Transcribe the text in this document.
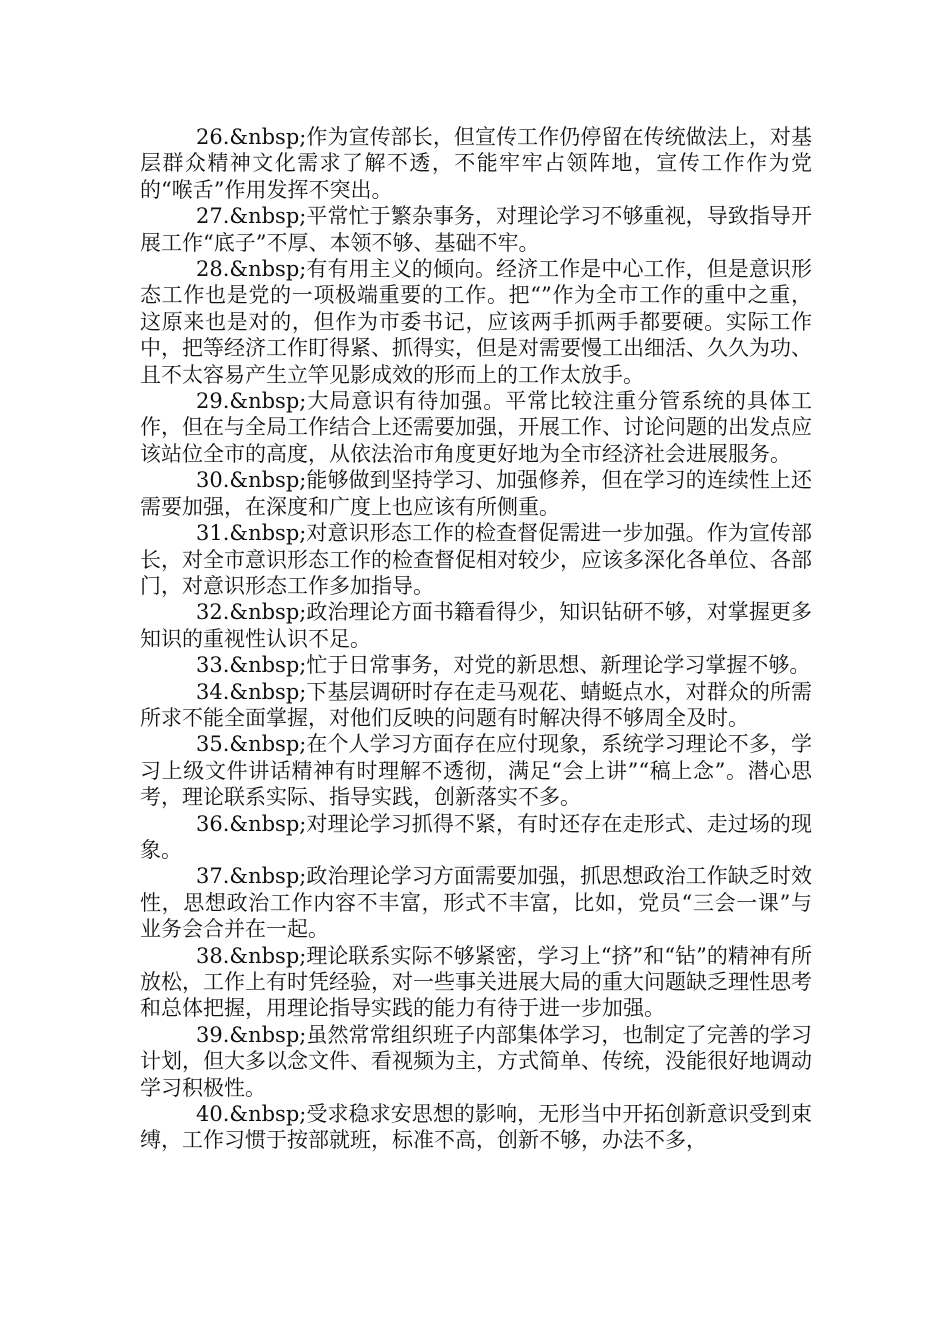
26.&nbsp;作为宣传部长，但宣传工作仍停留在传统做法上，对基层群众精神文化需求了解不透，不能牢牢占领阵地，宣传工作作为党的“喉舌”作用发挥不突出。

27.&nbsp;平常忙于繁杂事务，对理论学习不够重视，导致指导开展工作“底子”不厚、本领不够、基础不牢。

28.&nbsp;有有用主义的倾向。经济工作是中心工作，但是意识形态工作也是党的一项极端重要的工作。把“”作为全市工作的重中之重，这原来也是对的，但作为市委书记，应该两手抓两手都要硬。实际工作中，把等经济工作盯得紧、抓得实，但是对需要慢工出细活、久久为功、且不太容易产生立竿见影成效的形而上的工作太放手。

29.&nbsp;大局意识有待加强。平常比较注重分管系统的具体工作，但在与全局工作结合上还需要加强，开展工作、讨论问题的出发点应该站位全市的高度，从依法治市角度更好地为全市经济社会进展服务。

30.&nbsp;能够做到坚持学习、加强修养，但在学习的连续性上还需要加强，在深度和广度上也应该有所侧重。

31.&nbsp;对意识形态工作的检查督促需进一步加强。作为宣传部长，对全市意识形态工作的检查督促相对较少，应该多深化各单位、各部门，对意识形态工作多加指导。

32.&nbsp;政治理论方面书籍看得少，知识钻研不够，对掌握更多知识的重视性认识不足。

33.&nbsp;忙于日常事务，对党的新思想、新理论学习掌握不够。

34.&nbsp;下基层调研时存在走马观花、蜻蜓点水，对群众的所需所求不能全面掌握，对他们反映的问题有时解决得不够周全及时。

35.&nbsp;在个人学习方面存在应付现象，系统学习理论不多，学习上级文件讲话精神有时理解不透彻，满足“会上讲”“稿上念”。潜心思考，理论联系实际、指导实践，创新落实不多。

36.&nbsp;对理论学习抓得不紧，有时还存在走形式、走过场的现象。

37.&nbsp;政治理论学习方面需要加强，抓思想政治工作缺乏时效性，思想政治工作内容不丰富，形式不丰富，比如，党员“三会一课”与业务会合并在一起。

38.&nbsp;理论联系实际不够紧密，学习上“挤”和“钻”的精神有所放松，工作上有时凭经验，对一些事关进展大局的重大问题缺乏理性思考和总体把握，用理论指导实践的能力有待于进一步加强。

39.&nbsp;虽然常常组织班子内部集体学习，也制定了完善的学习计划，但大多以念文件、看视频为主，方式简单、传统，没能很好地调动学习积极性。

40.&nbsp;受求稳求安思想的影响，无形当中开拓创新意识受到束缚，工作习惯于按部就班，标准不高，创新不够，办法不多，
